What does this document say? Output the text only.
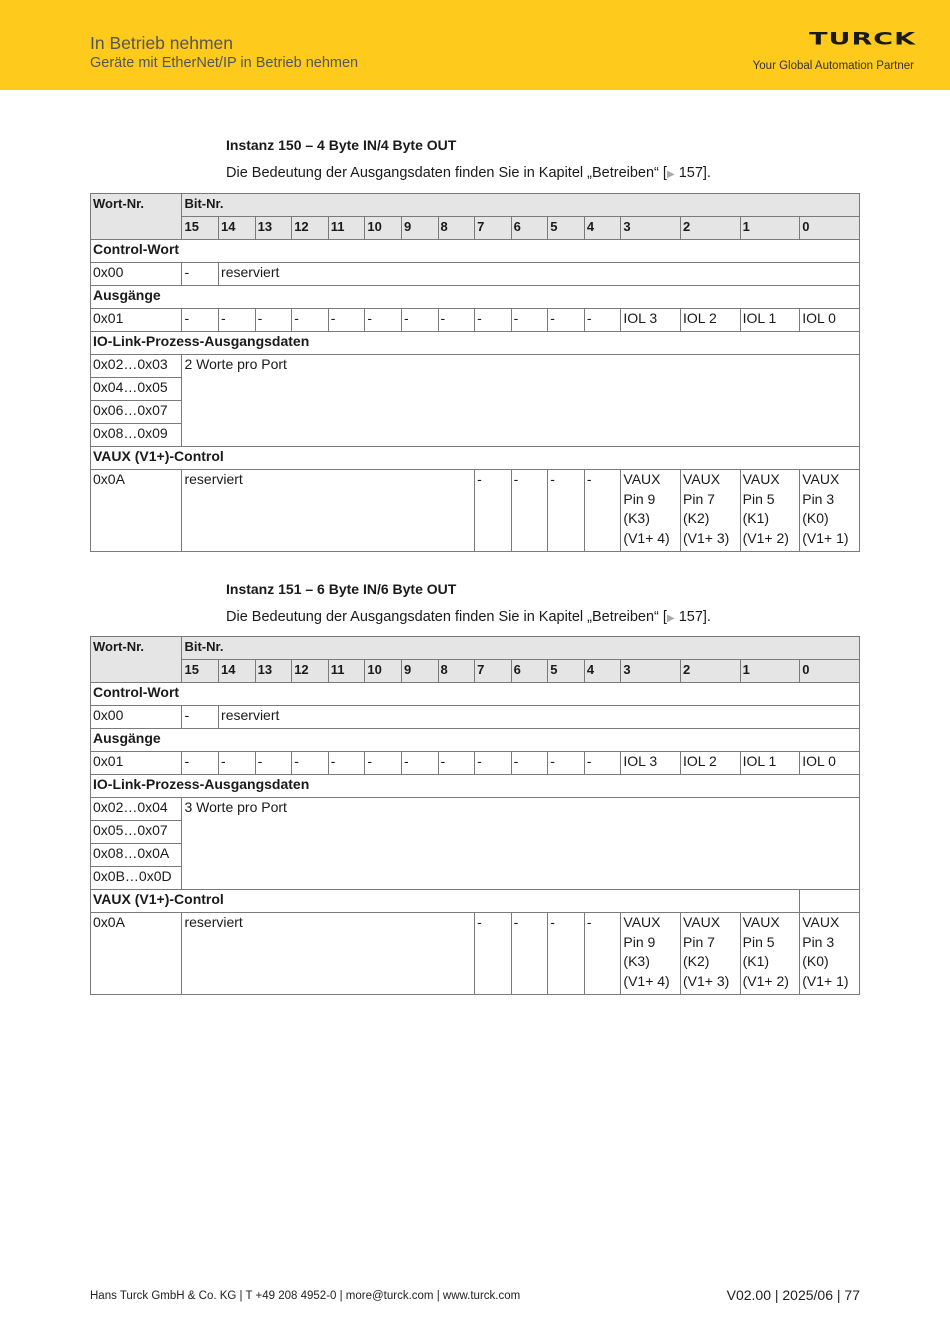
In Betrieb nehmen
Geräte mit EtherNet/IP in Betrieb nehmen
TURCK
Your Global Automation Partner
Instanz 150 – 4 Byte IN/4 Byte OUT
Die Bedeutung der Ausgangsdaten finden Sie in Kapitel „Betreiben“ [▶ 157].
Wort-Nr.	Bit-Nr.															
	15	14	13	12	11	10	9	8	7	6	5	4	3	2	1	0
Control-Wort																
0x00	-	reserviert														
Ausgänge																
0x01	-	-	-	-	-	-	-	-	-	-	-	-	IOL 3	IOL 2	IOL 1	IOL 0
IO-Link-Prozess-Ausgangsdaten																
0x02…0x03	2 Worte pro Port															
0x04…0x05																
0x06…0x07																
0x08…0x09																
VAUX (V1+)-Control																
0x0A	reserviert								-	-	-	-	VAUX Pin 9 (K3) (V1+ 4)	VAUX Pin 7 (K2) (V1+ 3)	VAUX Pin 5 (K1) (V1+ 2)	VAUX Pin 3 (K0) (V1+ 1)
Instanz 151 – 6 Byte IN/6 Byte OUT
Die Bedeutung der Ausgangsdaten finden Sie in Kapitel „Betreiben“ [▶ 157].
Wort-Nr.	Bit-Nr.															
	15	14	13	12	11	10	9	8	7	6	5	4	3	2	1	0
Control-Wort																
0x00	-	reserviert														
Ausgänge																
0x01	-	-	-	-	-	-	-	-	-	-	-	-	IOL 3	IOL 2	IOL 1	IOL 0
IO-Link-Prozess-Ausgangsdaten																
0x02…0x04	3 Worte pro Port															
0x05…0x07																
0x08…0x0A																
0x0B…0x0D																
VAUX (V1+)-Control																
0x0A	reserviert								-	-	-	-	VAUX Pin 9 (K3) (V1+ 4)	VAUX Pin 7 (K2) (V1+ 3)	VAUX Pin 5 (K1) (V1+ 2)	VAUX Pin 3 (K0) (V1+ 1)
Hans Turck GmbH & Co. KG | T +49 208 4952-0 | more@turck.com | www.turck.com	V02.00 | 2025/06 | 77
